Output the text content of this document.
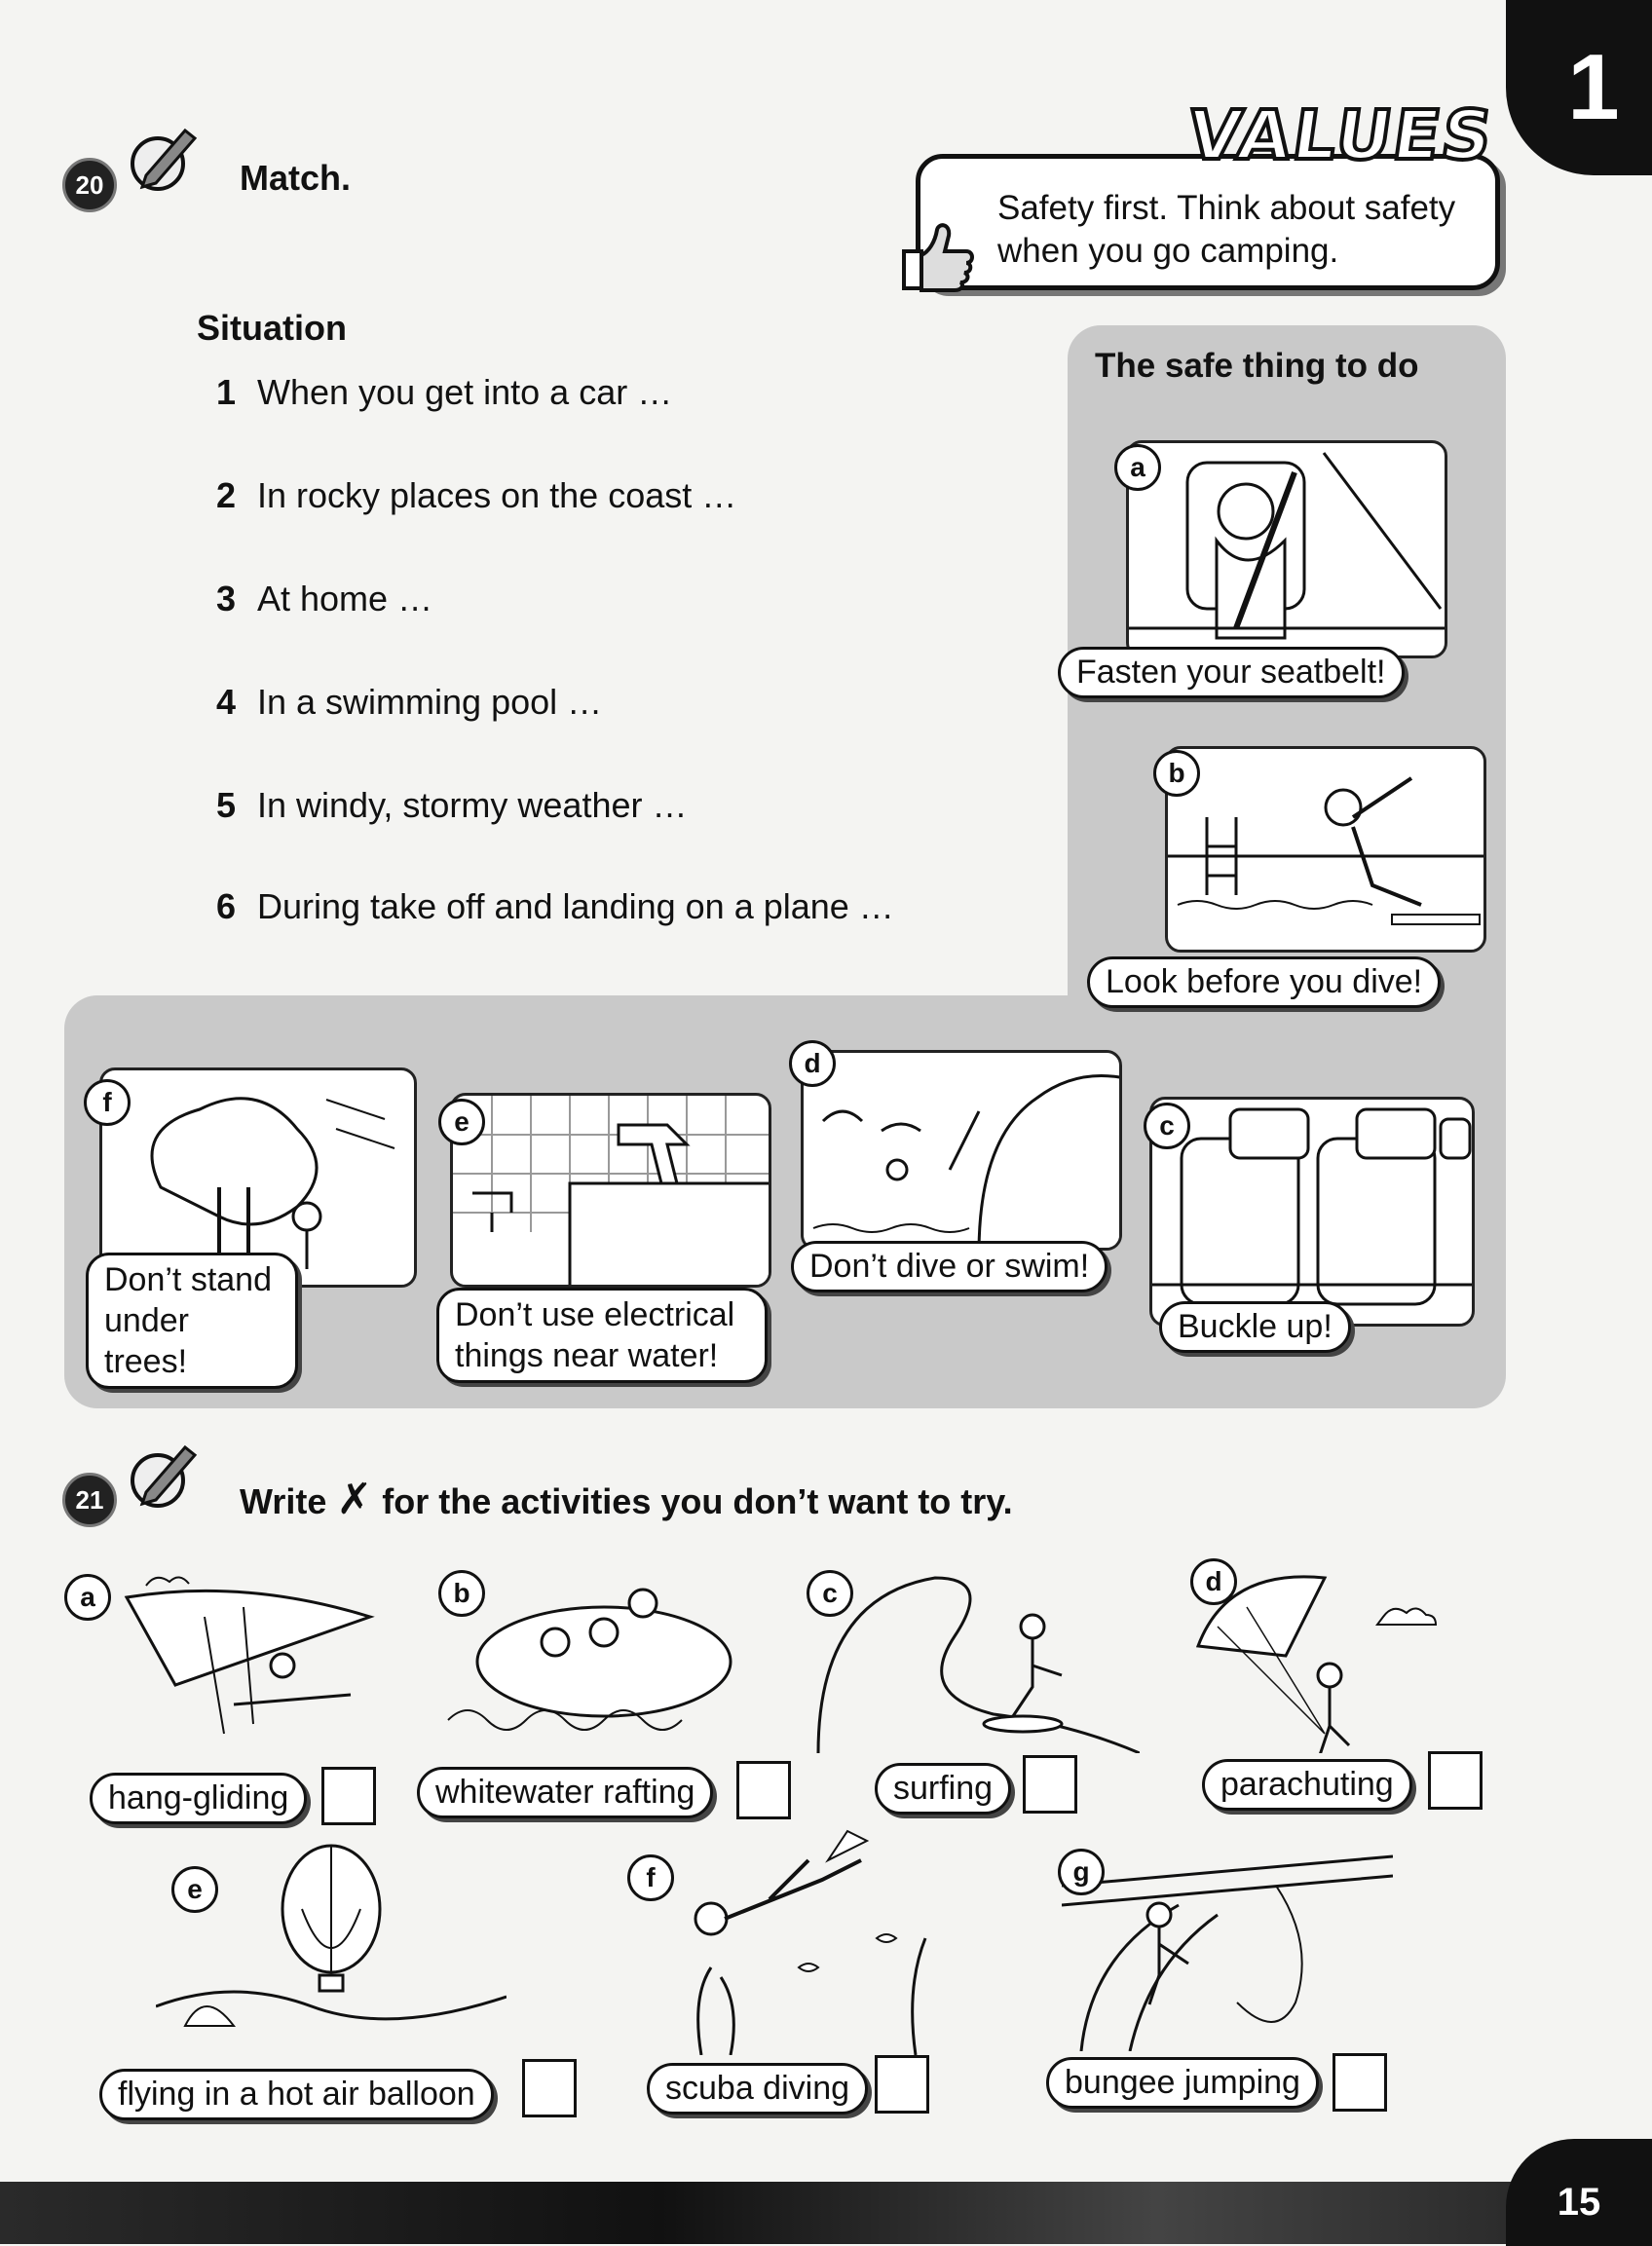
1
VALUES
Safety first. Think about safety when you go camping.
20	Match.
Situation
1 When you get into a car …
2 In rocky places on the coast …
3 At home …
4 In a swimming pool …
5 In windy, stormy weather …
6 During take off and landing on a plane …
The safe thing to do
a
Fasten your seatbelt!
b
Look before you dive!
f
Don’t stand under trees!
e
Don’t use electrical things near water!
d
Don’t dive or swim!
c
Buckle up!
21	Write ✗ for the activities you don’t want to try.
a
hang-gliding
b
whitewater rafting
c
surfing
d
parachuting
e
flying in a hot air balloon
f
scuba diving
g
bungee jumping
15
